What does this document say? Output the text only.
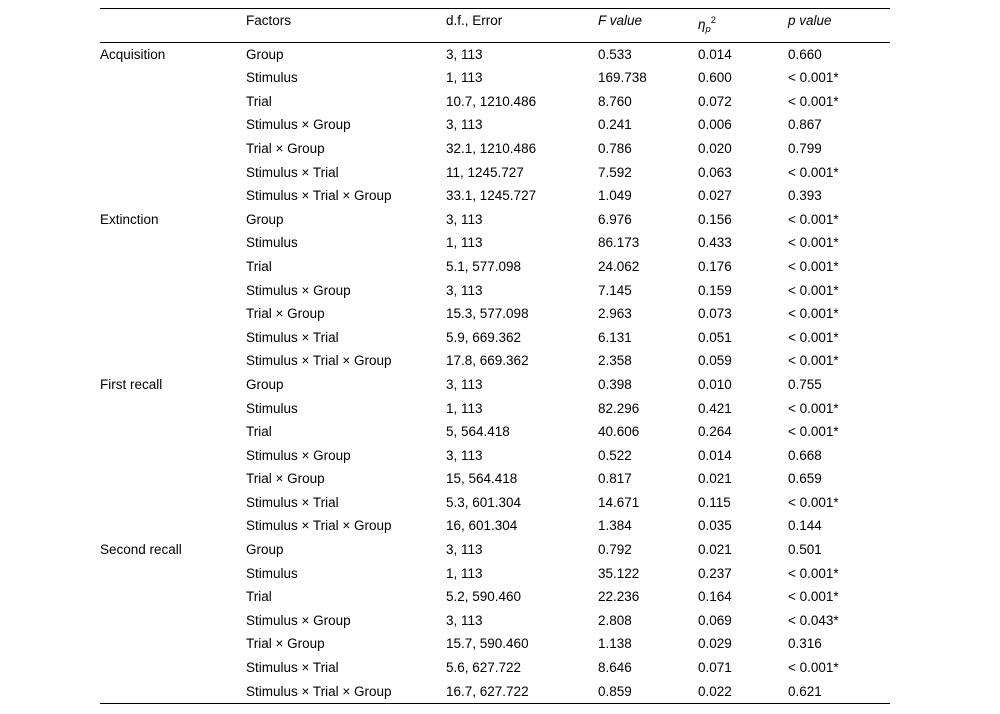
	Factors	d.f., Error	F value	$\eta_p^2$	p value
Acquisition	Group	3, 113	0.533	0.014	0.660
	Stimulus	1, 113	169.738	0.600	< 0.001*
	Trial	10.7, 1210.486	8.760	0.072	< 0.001*
	Stimulus × Group	3, 113	0.241	0.006	0.867
	Trial × Group	32.1, 1210.486	0.786	0.020	0.799
	Stimulus × Trial	11, 1245.727	7.592	0.063	< 0.001*
	Stimulus × Trial × Group	33.1, 1245.727	1.049	0.027	0.393
Extinction	Group	3, 113	6.976	0.156	< 0.001*
	Stimulus	1, 113	86.173	0.433	< 0.001*
	Trial	5.1, 577.098	24.062	0.176	< 0.001*
	Stimulus × Group	3, 113	7.145	0.159	< 0.001*
	Trial × Group	15.3, 577.098	2.963	0.073	< 0.001*
	Stimulus × Trial	5.9, 669.362	6.131	0.051	< 0.001*
	Stimulus × Trial × Group	17.8, 669.362	2.358	0.059	< 0.001*
First recall	Group	3, 113	0.398	0.010	0.755
	Stimulus	1, 113	82.296	0.421	< 0.001*
	Trial	5, 564.418	40.606	0.264	< 0.001*
	Stimulus × Group	3, 113	0.522	0.014	0.668
	Trial × Group	15, 564.418	0.817	0.021	0.659
	Stimulus × Trial	5.3, 601.304	14.671	0.115	< 0.001*
	Stimulus × Trial × Group	16, 601.304	1.384	0.035	0.144
Second recall	Group	3, 113	0.792	0.021	0.501
	Stimulus	1, 113	35.122	0.237	< 0.001*
	Trial	5.2, 590.460	22.236	0.164	< 0.001*
	Stimulus × Group	3, 113	2.808	0.069	< 0.043*
	Trial × Group	15.7, 590.460	1.138	0.029	0.316
	Stimulus × Trial	5.6, 627.722	8.646	0.071	< 0.001*
	Stimulus × Trial × Group	16.7, 627.722	0.859	0.022	0.621
